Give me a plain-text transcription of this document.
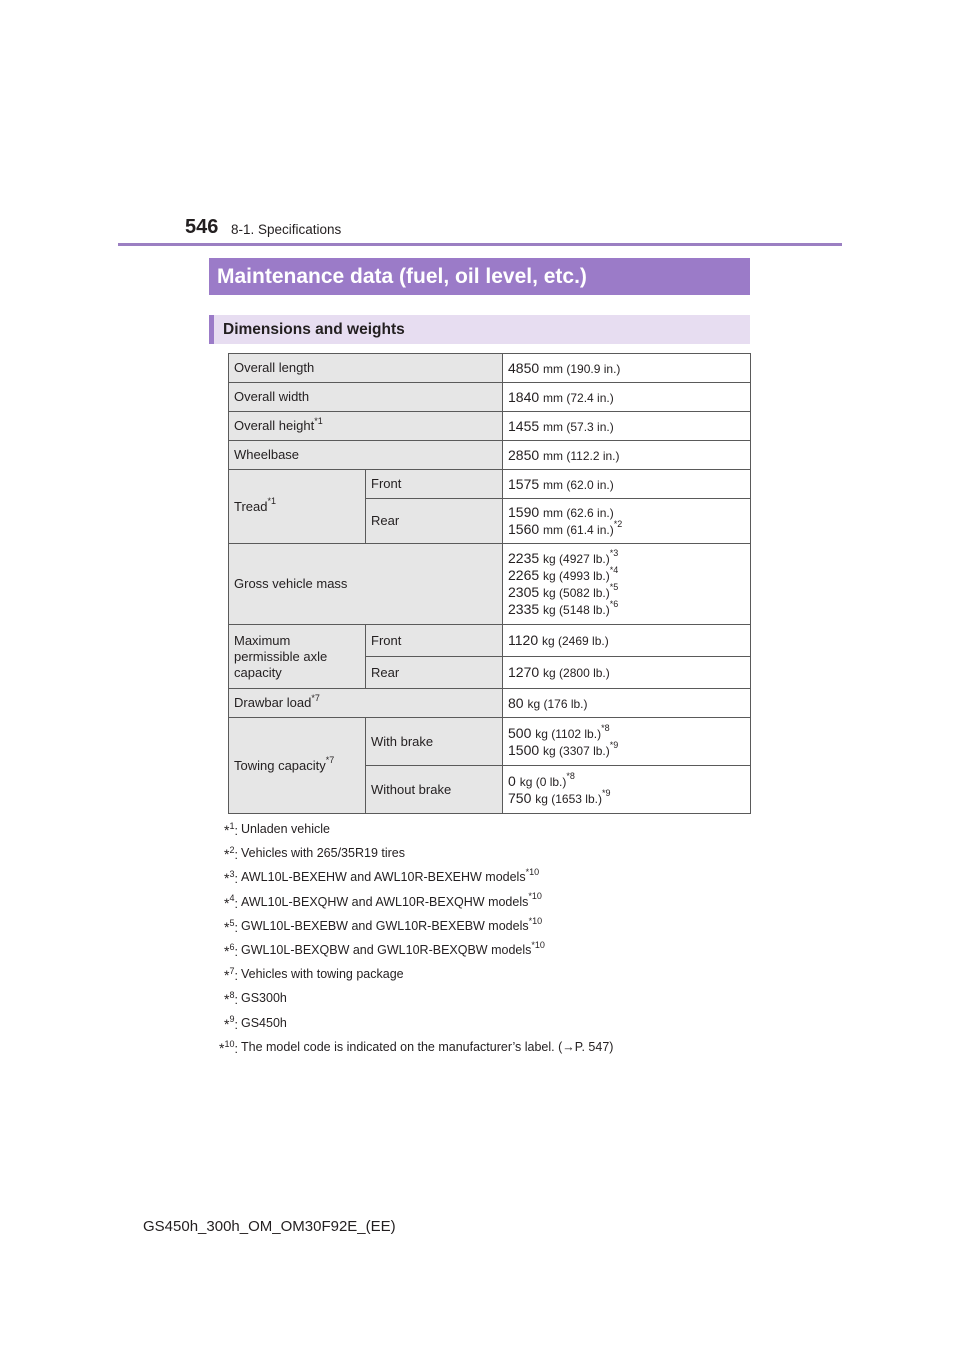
546 8-1. Specifications
Maintenance data (fuel, oil level, etc.)
Dimensions and weights
Overall length		4850 mm (190.9 in.)
Overall width		1840 mm (72.4 in.)
Overall height$^{*1}$		1455 mm (57.3 in.)
Wheelbase		2850 mm (112.2 in.)
Tread$^{*1}$	Front	1575 mm (62.0 in.)
	Rear	1590 mm (62.6 in.)
1560 mm (61.4 in.)$^{*2}$

Gross vehicle mass		2235 kg (4927 lb.)$^{*3}$
2265 kg (4993 lb.)$^{*4}$
2305 kg (5082 lb.)$^{*5}$
2335 kg (5148 lb.)$^{*6}$

Maximum
permissible axle
capacity	Front	1120 kg (2469 lb.)
	Rear	1270 kg (2800 lb.)
Drawbar load$^{*7}$		80 kg (176 lb.)
Towing capacity$^{*7}$	With brake	500 kg (1102 lb.)$^{*8}$
1500 kg (3307 lb.)$^{*9}$

	Without brake	0 kg (0 lb.)$^{*8}$
750 kg (1653 lb.)$^{*9}$
*$^1$: Unladen vehicle
*$^2$: Vehicles with 265/35R19 tires
*$^3$: AWL10L-BEXEHW and AWL10R-BEXEHW models$^{*10}$
*$^4$: AWL10L-BEXQHW and AWL10R-BEXQHW models$^{*10}$
*$^5$: GWL10L-BEXEBW and GWL10R-BEXEBW models$^{*10}$
*$^6$: GWL10L-BEXQBW and GWL10R-BEXQBW models$^{*10}$
*$^7$: Vehicles with towing package
*$^8$: GS300h
*$^9$: GS450h
*$^{10}$: The model code is indicated on the manufacturer’s label. (→P. 547)
GS450h_300h_OM_OM30F92E_(EE)
